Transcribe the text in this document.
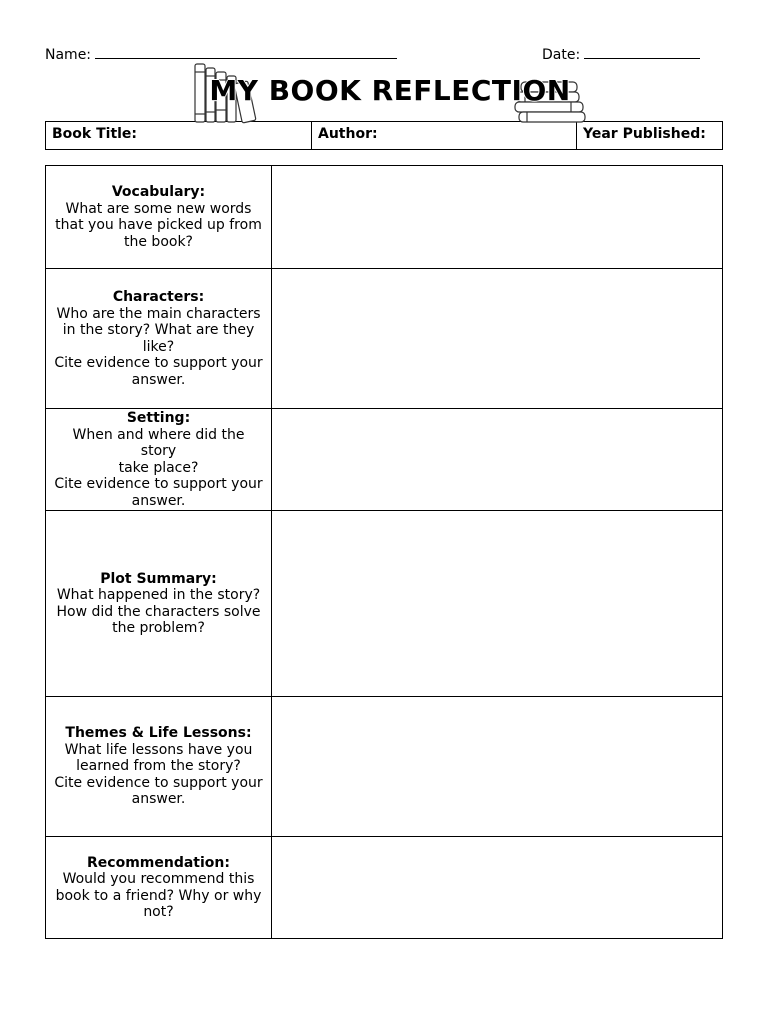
Name:	Date:
MY BOOK REFLECTION
Book Title:	Author:	Year Published:
Vocabulary:
What are some new words
that you have picked up from
the book?
Characters:
Who are the main characters
in the story? What are they
like?
Cite evidence to support your
answer.
Setting:
When and where did the story
take place?
Cite evidence to support your
answer.
Plot Summary:
What happened in the story?
How did the characters solve
the problem?
Themes & Life Lessons:
What life lessons have you
learned from the story?
Cite evidence to support your
answer.
Recommendation:
Would you recommend this
book to a friend? Why or why
not?
